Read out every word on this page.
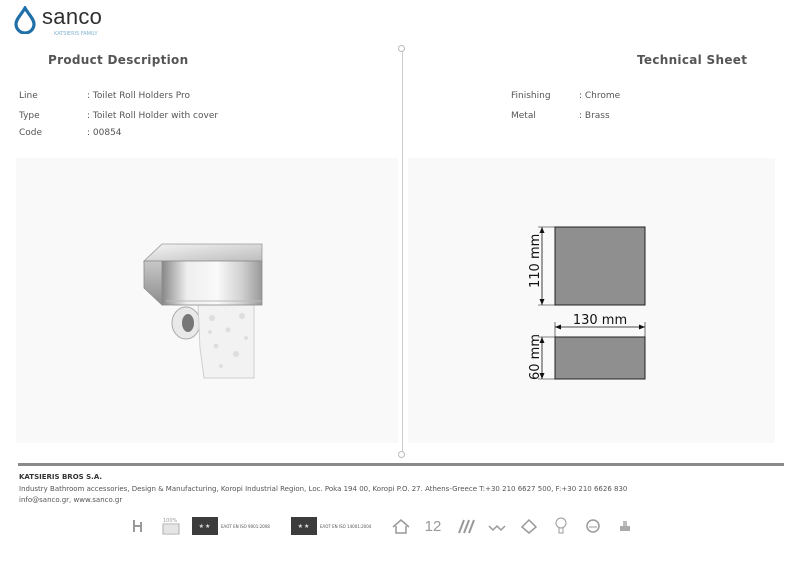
sanco
KATSIERIS FAMILY
Product Description	Technical Sheet
Line	: Toilet Roll Holders Pro
Type	: Toilet Roll Holder with cover
Code	: 00854
Finishing	: Chrome
Metal	: Brass
110 mm
130 mm
60 mm
KATSIERIS BROS S.A.
Industry Bathroom accessories, Design & Manufacturing, Koropi Industrial Region, Loc. Poka 194 00, Koropi P.O. 27. Athens-Greece T:+30 210 6627 500, F:+30 210 6626 830
info@sanco.gr, www.sanco.gr
100%
★★	EΛOT EN ISO 9001:2008	★★	EΛOT EN ISO 14001:2004	12
